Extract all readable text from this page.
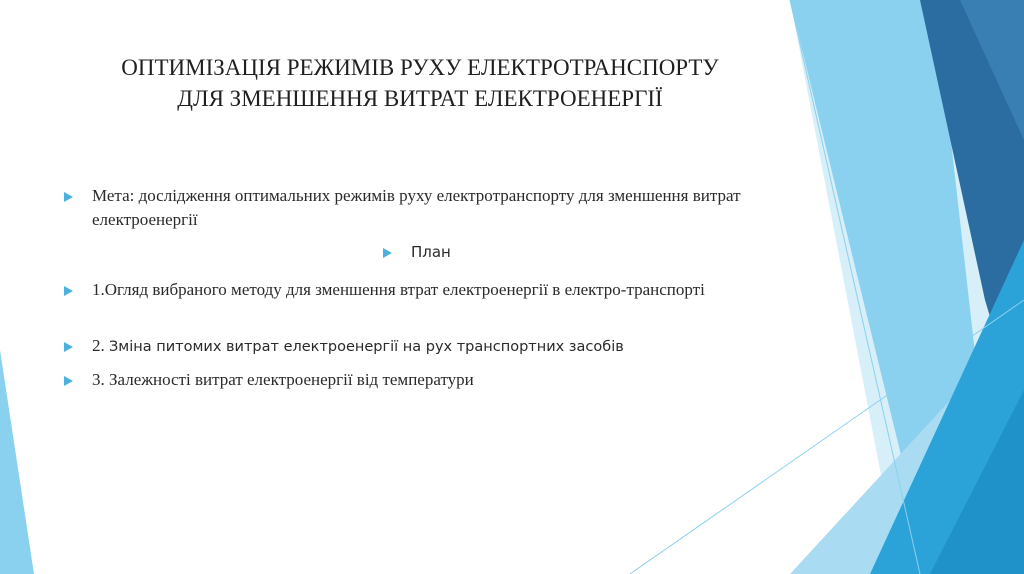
ОПТИМІЗАЦІЯ РЕЖИМІВ РУХУ ЕЛЕКТРОТРАНСПОРТУ
ДЛЯ ЗМЕНШЕННЯ ВИТРАТ ЕЛЕКТРОЕНЕРГІЇ
Мета: дослідження оптимальних режимів руху електротранспорту для зменшення витрат електроенергії
План
1.Огляд вибраного методу для зменшення втрат електроенергії в електро-транспорті
2. Зміна питомих витрат електроенергії на рух транспортних засобів
3. Залежності витрат електроенергії від температури
